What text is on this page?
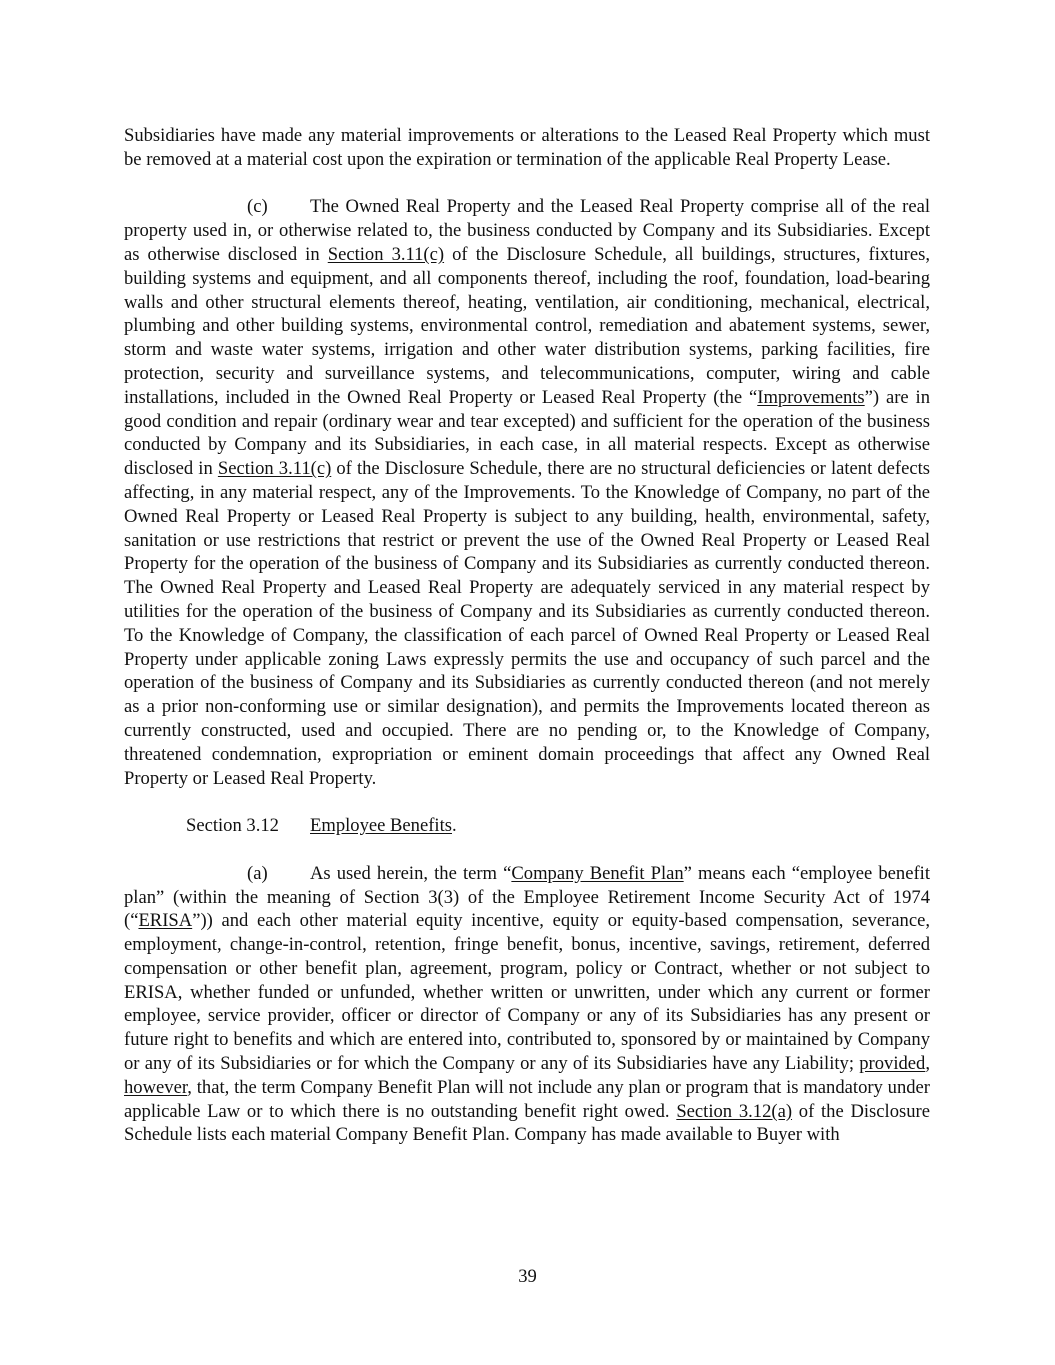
Subsidiaries have made any material improvements or alterations to the Leased Real Property which must be removed at a material cost upon the expiration or termination of the applicable Real Property Lease.

(c) The Owned Real Property and the Leased Real Property comprise all of the real property used in, or otherwise related to, the business conducted by Company and its Subsidiaries. Except as otherwise disclosed in Section 3.11(c) of the Disclosure Schedule, all buildings, structures, fixtures, building systems and equipment, and all components thereof, including the roof, foundation, load-bearing walls and other structural elements thereof, heating, ventilation, air conditioning, mechanical, electrical, plumbing and other building systems, environmental control, remediation and abatement systems, sewer, storm and waste water systems, irrigation and other water distribution systems, parking facilities, fire protection, security and surveillance systems, and telecommunications, computer, wiring and cable installations, included in the Owned Real Property or Leased Real Property (the “Improvements”) are in good condition and repair (ordinary wear and tear excepted) and sufficient for the operation of the business conducted by Company and its Subsidiaries, in each case, in all material respects. Except as otherwise disclosed in Section 3.11(c) of the Disclosure Schedule, there are no structural deficiencies or latent defects affecting, in any material respect, any of the Improvements. To the Knowledge of Company, no part of the Owned Real Property or Leased Real Property is subject to any building, health, environmental, safety, sanitation or use restrictions that restrict or prevent the use of the Owned Real Property or Leased Real Property for the operation of the business of Company and its Subsidiaries as currently conducted thereon. The Owned Real Property and Leased Real Property are adequately serviced in any material respect by utilities for the operation of the business of Company and its Subsidiaries as currently conducted thereon. To the Knowledge of Company, the classification of each parcel of Owned Real Property or Leased Real Property under applicable zoning Laws expressly permits the use and occupancy of such parcel and the operation of the business of Company and its Subsidiaries as currently conducted thereon (and not merely as a prior non-conforming use or similar designation), and permits the Improvements located thereon as currently constructed, used and occupied. There are no pending or, to the Knowledge of Company, threatened condemnation, expropriation or eminent domain proceedings that affect any Owned Real Property or Leased Real Property.

Section 3.12 Employee Benefits.

(a) As used herein, the term “Company Benefit Plan” means each “employee benefit plan” (within the meaning of Section 3(3) of the Employee Retirement Income Security Act of 1974 (“ERISA”)) and each other material equity incentive, equity or equity-based compensation, severance, employment, change-in-control, retention, fringe benefit, bonus, incentive, savings, retirement, deferred compensation or other benefit plan, agreement, program, policy or Contract, whether or not subject to ERISA, whether funded or unfunded, whether written or unwritten, under which any current or former employee, service provider, officer or director of Company or any of its Subsidiaries has any present or future right to benefits and which are entered into, contributed to, sponsored by or maintained by Company or any of its Subsidiaries or for which the Company or any of its Subsidiaries have any Liability; provided, however, that, the term Company Benefit Plan will not include any plan or program that is mandatory under applicable Law or to which there is no outstanding benefit right owed. Section 3.12(a) of the Disclosure Schedule lists each material Company Benefit Plan. Company has made available to Buyer with

39
